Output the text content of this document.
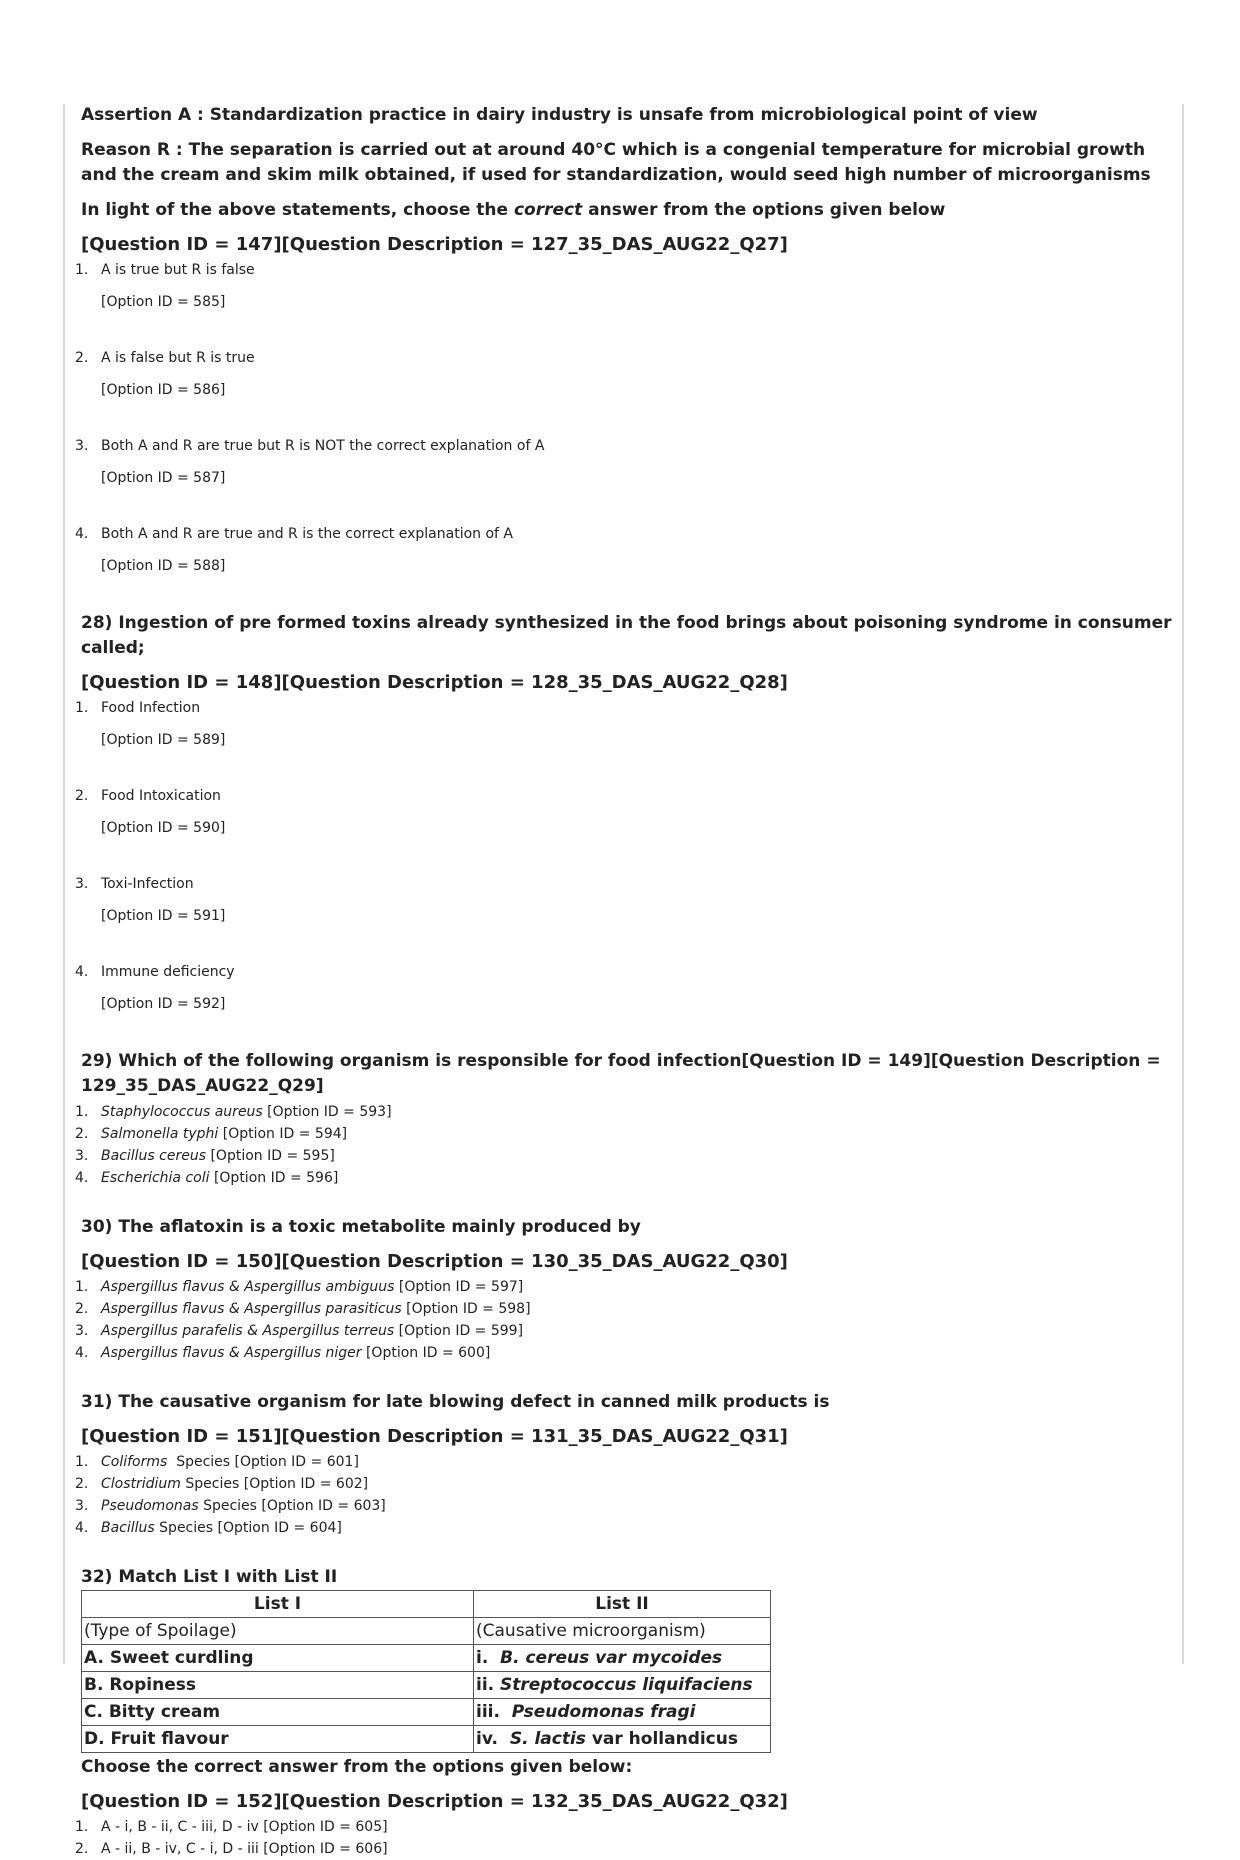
Assertion A : Standardization practice in dairy industry is unsafe from microbiological point of view

Reason R : The separation is carried out at around 40°C which is a congenial temperature for microbial growth and the cream and skim milk obtained, if used for standardization, would seed high number of microorganisms

In light of the above statements, choose the correct answer from the options given below

[Question ID = 147][Question Description = 127_35_DAS_AUG22_Q27]
1. A is true but R is false
[Option ID = 585]
2. A is false but R is true
[Option ID = 586]
3. Both A and R are true but R is NOT the correct explanation of A
[Option ID = 587]
4. Both A and R are true and R is the correct explanation of A
[Option ID = 588]

28) Ingestion of pre formed toxins already synthesized in the food brings about poisoning syndrome in consumer called;

[Question ID = 148][Question Description = 128_35_DAS_AUG22_Q28]
1. Food Infection
[Option ID = 589]
2. Food Intoxication
[Option ID = 590]
3. Toxi-Infection
[Option ID = 591]
4. Immune deficiency
[Option ID = 592]

29) Which of the following organism is responsible for food infection[Question ID = 149][Question Description = 129_35_DAS_AUG22_Q29]

1. Staphylococcus aureus [Option ID = 593]
2. Salmonella typhi [Option ID = 594]
3. Bacillus cereus [Option ID = 595]
4. Escherichia coli [Option ID = 596]

30) The aflatoxin is a toxic metabolite mainly produced by

[Question ID = 150][Question Description = 130_35_DAS_AUG22_Q30]
1. Aspergillus flavus & Aspergillus ambiguus [Option ID = 597]
2. Aspergillus flavus & Aspergillus parasiticus [Option ID = 598]
3. Aspergillus parafelis & Aspergillus terreus [Option ID = 599]
4. Aspergillus flavus & Aspergillus niger [Option ID = 600]

31) The causative organism for late blowing defect in canned milk products is

[Question ID = 151][Question Description = 131_35_DAS_AUG22_Q31]
1. Coliforms  Species [Option ID = 601]
2. Clostridium Species [Option ID = 602]
3. Pseudomonas Species [Option ID = 603]
4. Bacillus Species [Option ID = 604]

32) Match List I with List II

List I	List II
(Type of Spoilage)	(Causative microorganism)
A. Sweet curdling	i.  B. cereus var mycoides
B. Ropiness	ii. Streptococcus liquifaciens
C. Bitty cream	iii.  Pseudomonas fragi
D. Fruit flavour	iv.  S. lactis var hollandicus

Choose the correct answer from the options given below:

[Question ID = 152][Question Description = 132_35_DAS_AUG22_Q32]
1. A - i, B - ii, C - iii, D - iv [Option ID = 605]
2. A - ii, B - iv, C - i, D - iii [Option ID = 606]
